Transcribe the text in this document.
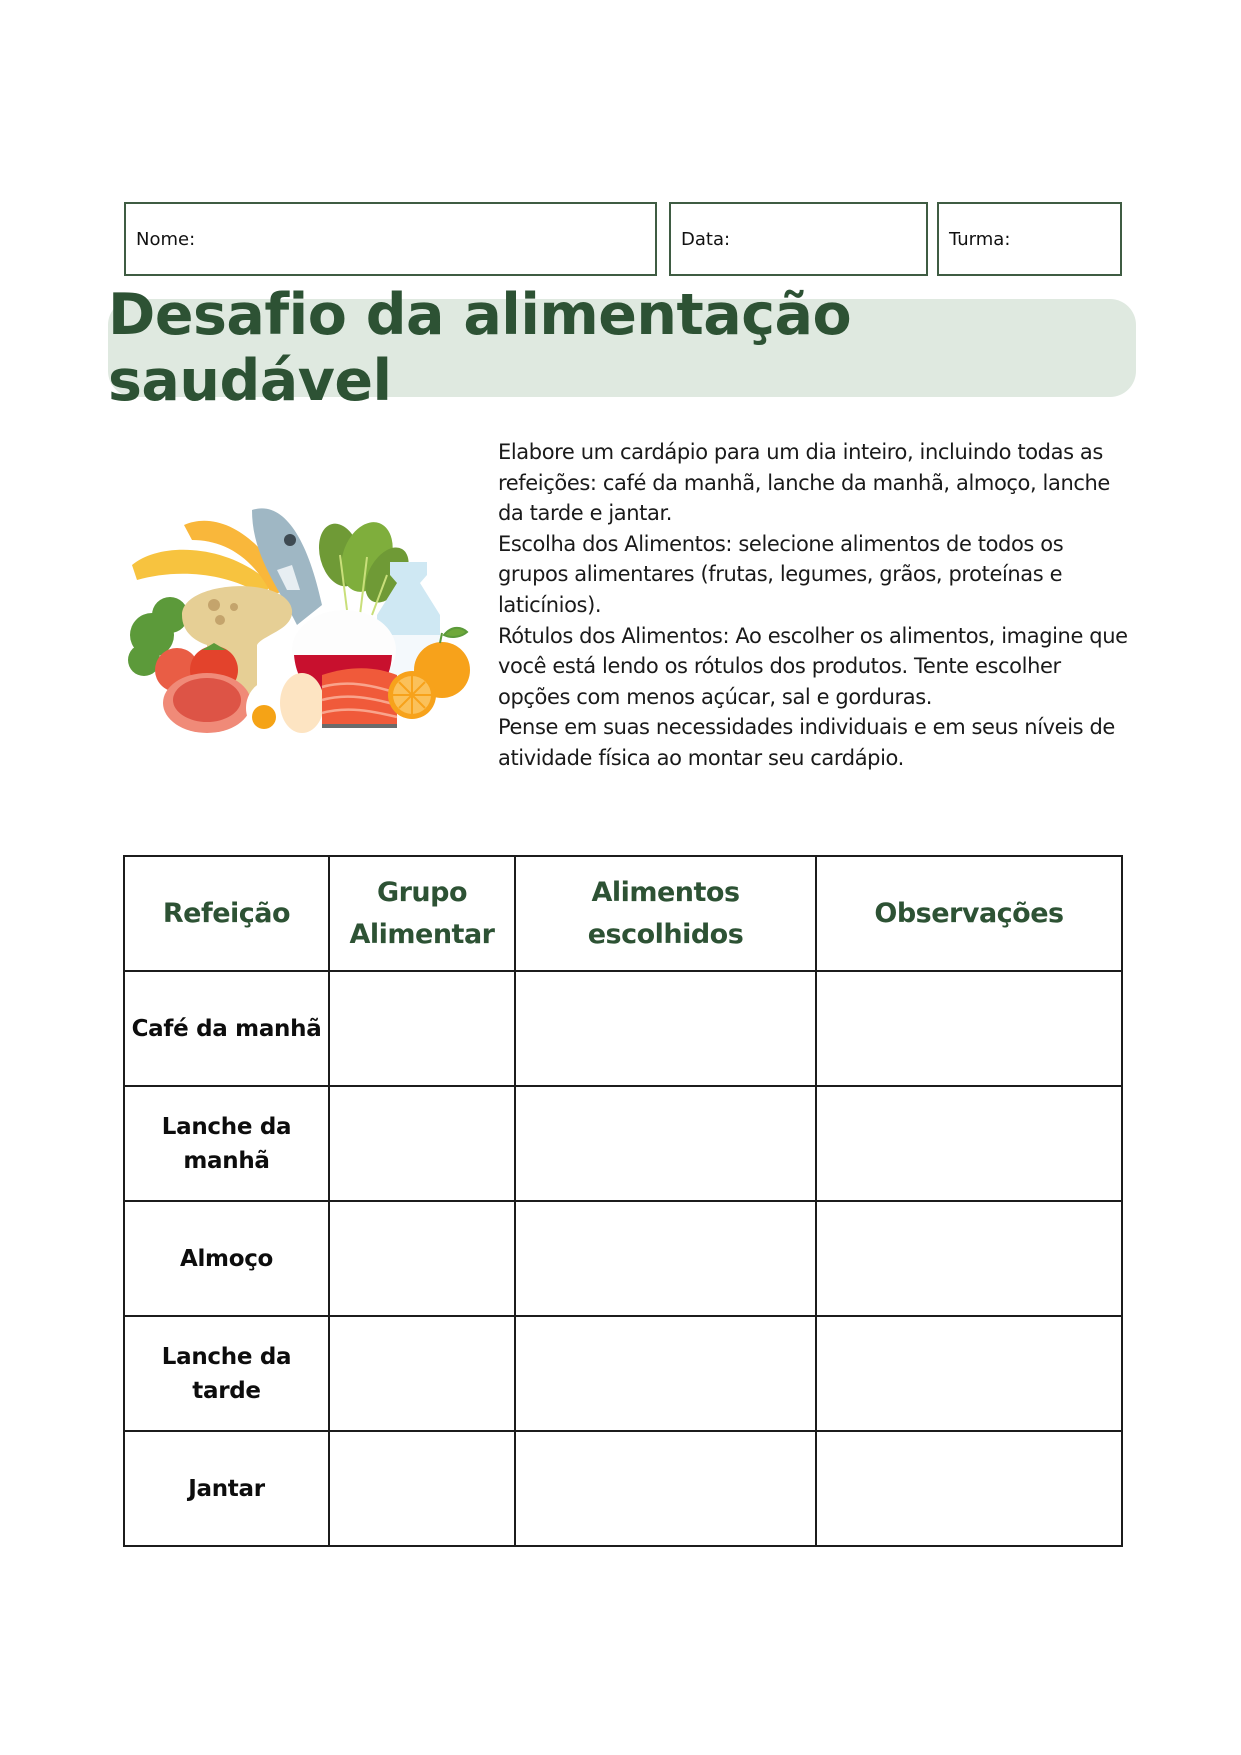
Nome:	Data:	Turma:
Desafio da alimentação saudável

Elabore um cardápio para um dia inteiro, incluindo todas as refeições: café da manhã, lanche da manhã, almoço, lanche da tarde e jantar.

Escolha dos Alimentos: selecione alimentos de todos os grupos alimentares (frutas, legumes, grãos, proteínas e laticínios).

Rótulos dos Alimentos: Ao escolher os alimentos, imagine que você está lendo os rótulos dos produtos. Tente escolher opções com menos açúcar, sal e gorduras.

Pense em suas necessidades individuais e em seus níveis de atividade física ao montar seu cardápio.

Refeição	Grupo Alimentar	Alimentos escolhidos	Observações
Café da manhã			
Lanche da manhã			
Almoço			
Lanche da tarde			
Jantar			
